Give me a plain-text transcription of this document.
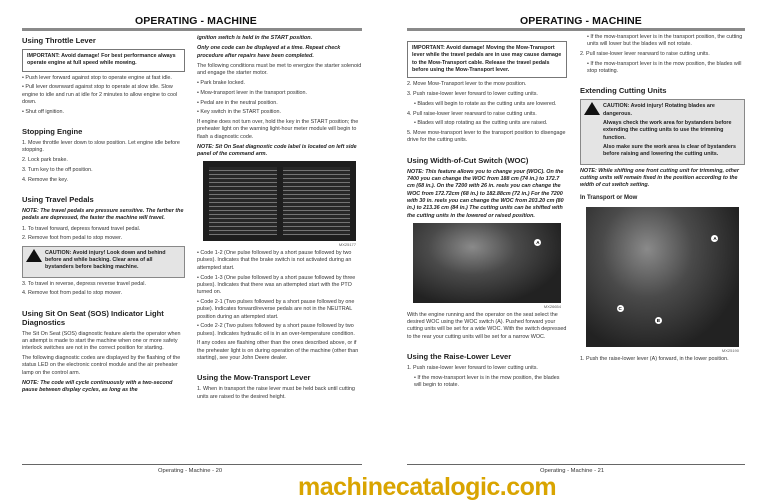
OPERATING - MACHINE
Using Throttle Lever
IMPORTANT: Avoid damage! For best performance always operate engine at full speed while mowing.
• Push lever forward against stop to operate engine at fast idle.
• Pull lever downward against stop to operate at slow idle. Slow engine to idle and run at idle for 2 minutes to allow engine to cool down.
• Shut off ignition.
Stopping Engine
1. Move throttle lever down to slow position. Let engine idle before stopping.
2. Lock park brake.
3. Turn key to the off position.
4. Remove the key.
Using Travel Pedals
NOTE: The travel pedals are pressure sensitive. The farther the pedals are depressed, the faster the machine will travel.
1. To travel forward, depress forward travel pedal.
2. Remove foot from pedal to stop mower.
CAUTION: Avoid injury! Look down and behind before and while backing. Clear area of all bystanders before backing machine.
3. To travel in reverse, depress reverse travel pedal.
4. Remove foot from pedal to stop mower.
Using Sit On Seat (SOS) Indicator Light Diagnostics
The Sit On Seat (SOS) diagnostic feature alerts the operator when an attempt is made to start the machine when one or more safety interlock switches are not in the correct position for starting.
The following diagnostic codes are displayed by the flashing of the status LED on the electronic control module and the air preheater lamp on the control arm.
NOTE: The code will cycle continuously with a two-second pause between display cycles, as long as the
ignition switch is held in the START position.
Only one code can be displayed at a time. Repeat check procedure after repairs have been completed.
The following conditions must be met to energize the starter solenoid and engage the starter motor.
• Park brake locked.
• Mow-transport lever in the transport position.
• Pedal are in the neutral position.
• Key switch in the START position.
If engine does not turn over, hold the key in the START position; the preheater light on the warning light-hour meter module will begin to flash a diagnostic code.
NOTE: Sit On Seat diagnostic code label is located on left side panel of the command arm.
MX25177
• Code 1-2 (One pulse followed by a short pause followed by two pulses). Indicates that the brake switch is not activated during an attempted start.
• Code 1-3 (One pulse followed by a short pause followed by three pulses). Indicates that there was an attempted start with the PTO turned on.
• Code 2-1 (Two pulses followed by a short pause followed by one pulse). Indicates forward/reverse pedals are not in the NEUTRAL position during an attempted start.
• Code 2-2 (Two pulses followed by a short pause followed by two pulses). Indicates hydraulic oil is in an over-temperature condition.
If any codes are flashing other than the ones described above, or if the preheater light is on during operation of the machine (other than starting), see your John Deere dealer.
Using the Mow-Transport Lever
1. When in transport the raise lever must be held back until cutting units are raised to the desired height.
Operating - Machine - 20
OPERATING - MACHINE
IMPORTANT: Avoid damage! Moving the Mow-Transport lever while the travel pedals are in use may cause damage to the Mow-Transport cable. Release the travel pedals before using the Mow-Transport lever.
2. Move Mow-Transport lever to the mow position.
3. Push raise-lower lever forward to lower cutting units.
• Blades will begin to rotate as the cutting units are lowered.
4. Pull raise-lower lever rearward to raise cutting units.
• Blades will stop rotating as the cutting units are raised.
5. Move mow-transport lever to the transport position to disengage drive for the cutting units.
Using Width-of-Cut Switch (WOC)
NOTE: This feature allows you to change your (WOC). On the 7400 you can change the WOC from 188 cm (74 in.) to 172.7 cm (68 in.). On the 7200 with 26 in. reels you can change the WOC from 172.72cm (68 in.) to 182.88cm (72 in.) For the 7200 with 30 in. reels you can change the WOC from 203.20 cm (80 in.) to 213.36 cm (84 in.) The cutting units can be shifted with the cutting units in the lowered or raised position.
A
MX26654
With the engine running and the operator on the seat select the desired WOC using the WOC switch (A). Pushed forward your cutting units will be set for a wide WOC. With the switch depressed to the rear your cutting units will be set for a narrow WOC.
Using the Raise-Lower Lever
1. Push raise-lower lever forward to lower cutting units.
• If the mow-transport lever is in the mow position, the blades will begin to rotate.
• If the mow-transport lever is in the transport position, the cutting units will lower but the blades will not rotate.
2. Pull raise-lower lever rearward to raise cutting units.
• If the mow-transport lever is in the mow position, the blades will stop rotating.
Extending Cutting Units
CAUTION: Avoid injury! Rotating blades are dangerous.
Always check the work area for bystanders before extending the cutting units to use the trimming function.
Also make sure the work area is clear of bystanders before raising and lowering the cutting units.
NOTE: While shifting one front cutting unit for trimming, other cutting units will remain fixed in the position according to the width of cut switch setting.
In Transport or Mow
A
B
C
MX25190
1. Push the raise-lower lever (A) forward, in the lower position.
Operating - Machine - 21
machinecatalogic.com
